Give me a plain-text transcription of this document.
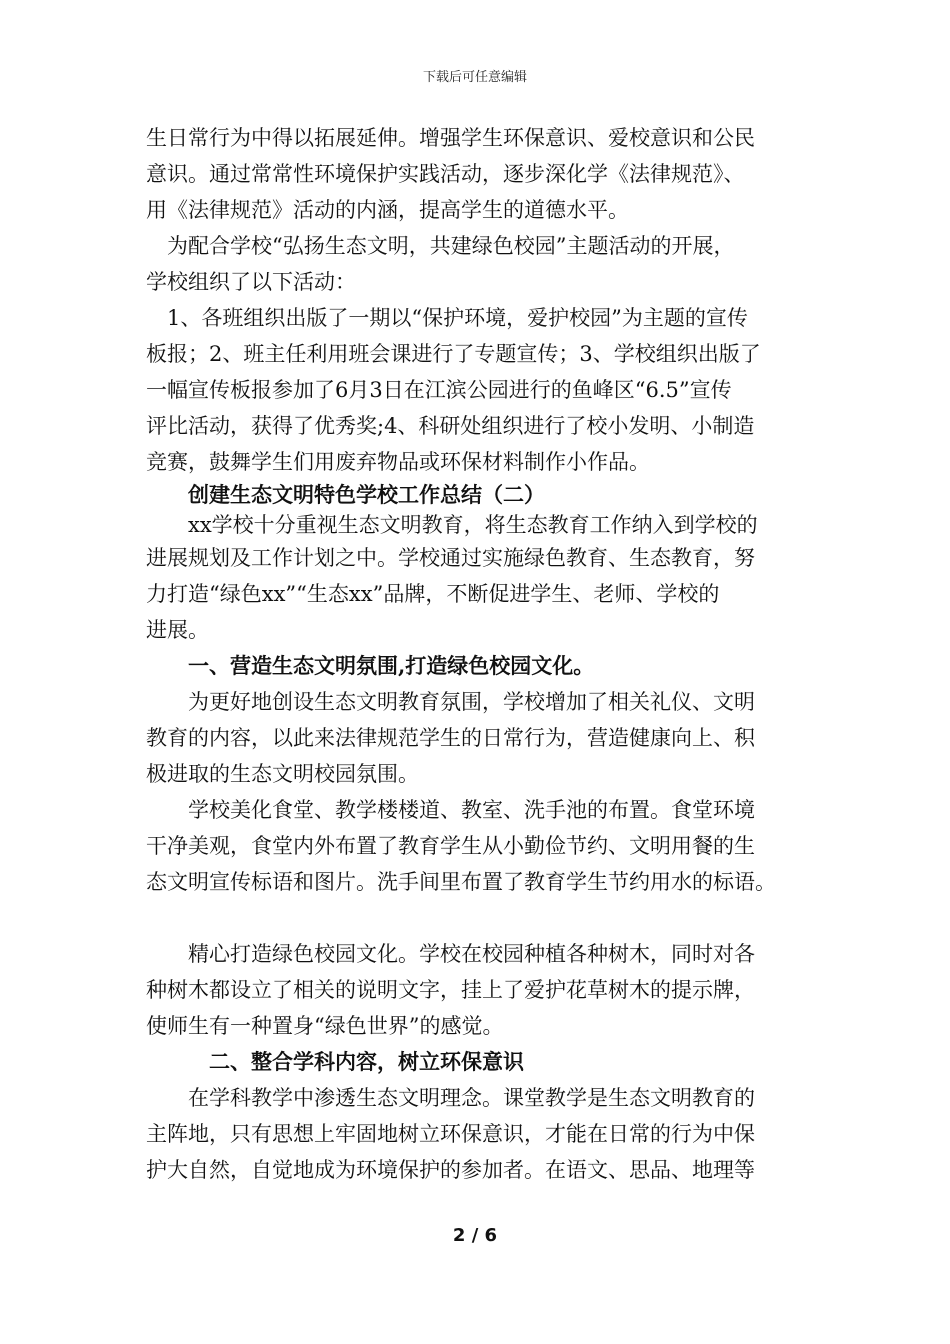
下载后可任意编辑

生日常行为中得以拓展延伸。增强学生环保意识、爱校意识和公民

意识。通过常常性环境保护实践活动，逐步深化学《法律规范》、

用《法律规范》活动的内涵，提高学生的道德水平。

为配合学校“弘扬生态文明，共建绿色校园”主题活动的开展，

学校组织了以下活动：

1、各班组织出版了一期以“保护环境，爱护校园”为主题的宣传

板报；2、班主任利用班会课进行了专题宣传；3、学校组织出版了

一幅宣传板报参加了6月3日在江滨公园进行的鱼峰区“6.5”宣传

评比活动，获得了优秀奖;4、科研处组织进行了校小发明、小制造

竞赛，鼓舞学生们用废弃物品或环保材料制作小作品。

创建生态文明特色学校工作总结（二）

xx学校十分重视生态文明教育，将生态教育工作纳入到学校的

进展规划及工作计划之中。学校通过实施绿色教育、生态教育，努

力打造“绿色xx”“生态xx”品牌，不断促进学生、老师、学校的

进展。

一、营造生态文明氛围,打造绿色校园文化。

为更好地创设生态文明教育氛围，学校增加了相关礼仪、文明

教育的内容，以此来法律规范学生的日常行为，营造健康向上、积

极进取的生态文明校园氛围。

学校美化食堂、教学楼楼道、教室、洗手池的布置。食堂环境

干净美观，食堂内外布置了教育学生从小勤俭节约、文明用餐的生

态文明宣传标语和图片。洗手间里布置了教育学生节约用水的标语。

精心打造绿色校园文化。学校在校园种植各种树木，同时对各

种树木都设立了相关的说明文字，挂上了爱护花草树木的提示牌，

使师生有一种置身“绿色世界”的感觉。

二、整合学科内容，树立环保意识

在学科教学中渗透生态文明理念。课堂教学是生态文明教育的

主阵地，只有思想上牢固地树立环保意识，才能在日常的行为中保

护大自然，自觉地成为环境保护的参加者。在语文、思品、地理等

2 / 6
